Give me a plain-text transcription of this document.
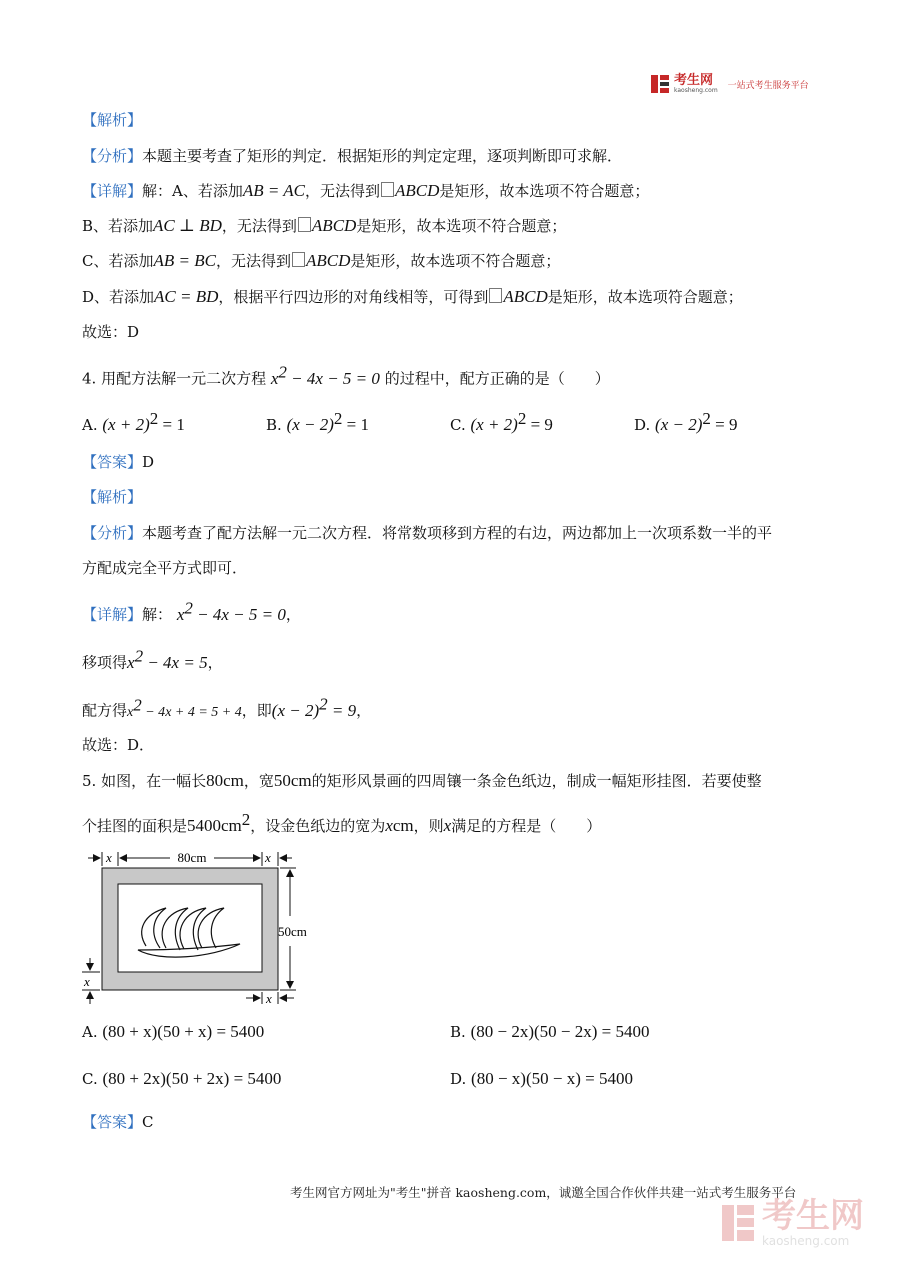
考生网
kaosheng.com 一站式考生服务平台
【解析】
【分析】本题主要考查了矩形的判定．根据矩形的判定定理，逐项判断即可求解．
【详解】解：A、若添加AB = AC，无法得到 ABCD是矩形，故本选项不符合题意；
B、若添加AC ⊥ BD，无法得到 ABCD是矩形，故本选项不符合题意；
C、若添加AB = BC，无法得到 ABCD是矩形，故本选项不符合题意；
D、若添加AC = BD，根据平行四边形的对角线相等，可得到 ABCD是矩形，故本选项符合题意；
故选：D
4. 用配方法解一元二次方程 $x^2 - 4x - 5 = 0$ 的过程中，配方正确的是（　　）
A. $(x + 2)^2 = 1$	B. $(x - 2)^2 = 1$	C. $(x + 2)^2 = 9$	D. $(x - 2)^2 = 9$
【答案】D
【解析】
【分析】本题考查了配方法解一元二次方程．将常数项移到方程的右边，两边都加上一次项系数一半的平
方配成完全平方式即可．
【详解】解： $x^2 - 4x - 5 = 0$，
移项得$x^2 - 4x = 5$，
配方得$x^2 - 4x + 4 = 5 + 4$，即$(x - 2)^2 = 9$，
故选：D．
5. 如图，在一幅长80cm，宽50cm的矩形风景画的四周镶一条金色纸边，制成一幅矩形挂图．若要使整
个挂图的面积是$5400cm^2$，设金色纸边的宽为xcm，则x满足的方程是（　　）
x	80cm	x
50cm
x
x
A. (80 + x)(50 + x) = 5400	B. (80 − 2x)(50 − 2x) = 5400
C. (80 + 2x)(50 + 2x) = 5400	D. (80 − x)(50 − x) = 5400
【答案】C
考生网官方网址为"考生"拼音 kaosheng.com，诚邀全国合作伙伴共建一站式考生服务平台
考生网
kaosheng.com
